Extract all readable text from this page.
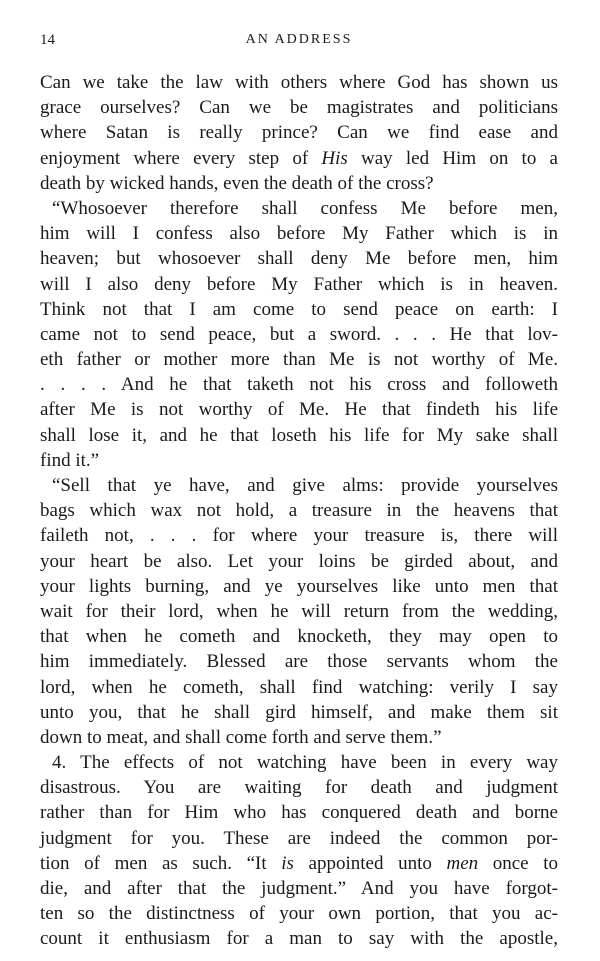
14	AN ADDRESS
Can we take the law with others where God has shown us
grace ourselves? Can we be magistrates and politicians
where Satan is really prince? Can we find ease and
enjoyment where every step of His way led Him on to a
death by wicked hands, even the death of the cross?
“Whosoever therefore shall confess Me before men,
him will I confess also before My Father which is in
heaven; but whosoever shall deny Me before men, him
will I also deny before My Father which is in heaven.
Think not that I am come to send peace on earth: I
came not to send peace, but a sword. . . . He that lov-
eth father or mother more than Me is not worthy of Me.
. . . . And he that taketh not his cross and followeth
after Me is not worthy of Me. He that findeth his life
shall lose it, and he that loseth his life for My sake shall
find it.”
“Sell that ye have, and give alms: provide yourselves
bags which wax not hold, a treasure in the heavens that
faileth not, . . . for where your treasure is, there will
your heart be also. Let your loins be girded about, and
your lights burning, and ye yourselves like unto men that
wait for their lord, when he will return from the wedding,
that when he cometh and knocketh, they may open to
him immediately. Blessed are those servants whom the
lord, when he cometh, shall find watching: verily I say
unto you, that he shall gird himself, and make them sit
down to meat, and shall come forth and serve them.”
4. The effects of not watching have been in every way
disastrous. You are waiting for death and judgment
rather than for Him who has conquered death and borne
judgment for you. These are indeed the common por-
tion of men as such. “It is appointed unto men once to
die, and after that the judgment.” And you have forgot-
ten so the distinctness of your own portion, that you ac-
count it enthusiasm for a man to say with the apostle,
